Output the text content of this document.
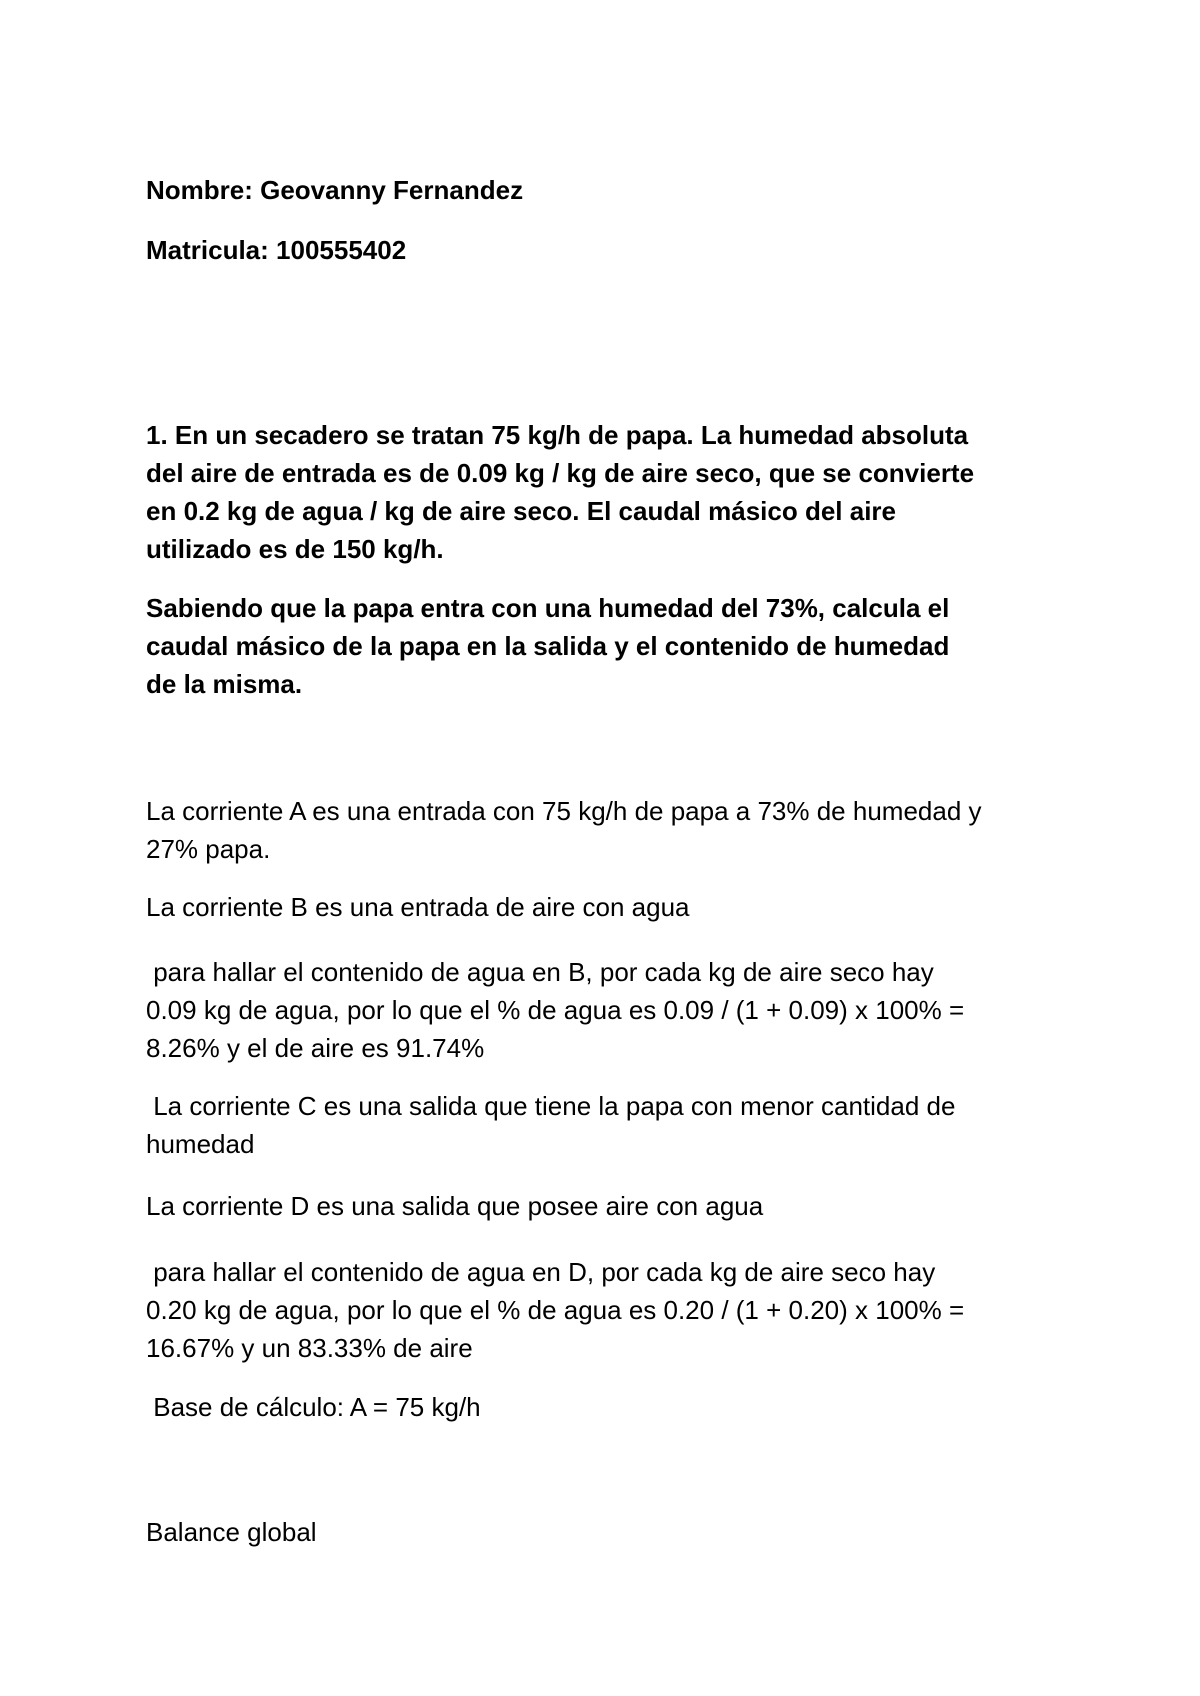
Nombre: Geovanny Fernandez

Matricula: 100555402

1. En un secadero se tratan 75 kg/h de papa. La humedad absoluta
del aire de entrada es de 0.09 kg / kg de aire seco, que se convierte
en 0.2 kg de agua / kg de aire seco. El caudal másico del aire
utilizado es de 150 kg/h.
Sabiendo que la papa entra con una humedad del 73%, calcula el
caudal másico de la papa en la salida y el contenido de humedad
de la misma.
La corriente A es una entrada con 75 kg/h de papa a 73% de humedad y
27% papa.

La corriente B es una entrada de aire con agua

para hallar el contenido de agua en B, por cada kg de aire seco hay
0.09 kg de agua, por lo que el % de agua es 0.09 / (1 + 0.09) x 100% =
8.26% y el de aire es 91.74%
La corriente C es una salida que tiene la papa con menor cantidad de
humedad

La corriente D es una salida que posee aire con agua

para hallar el contenido de agua en D, por cada kg de aire seco hay
0.20 kg de agua, por lo que el % de agua es 0.20 / (1 + 0.20) x 100% =
16.67% y un 83.33% de aire

Base de cálculo: A = 75 kg/h

Balance global
